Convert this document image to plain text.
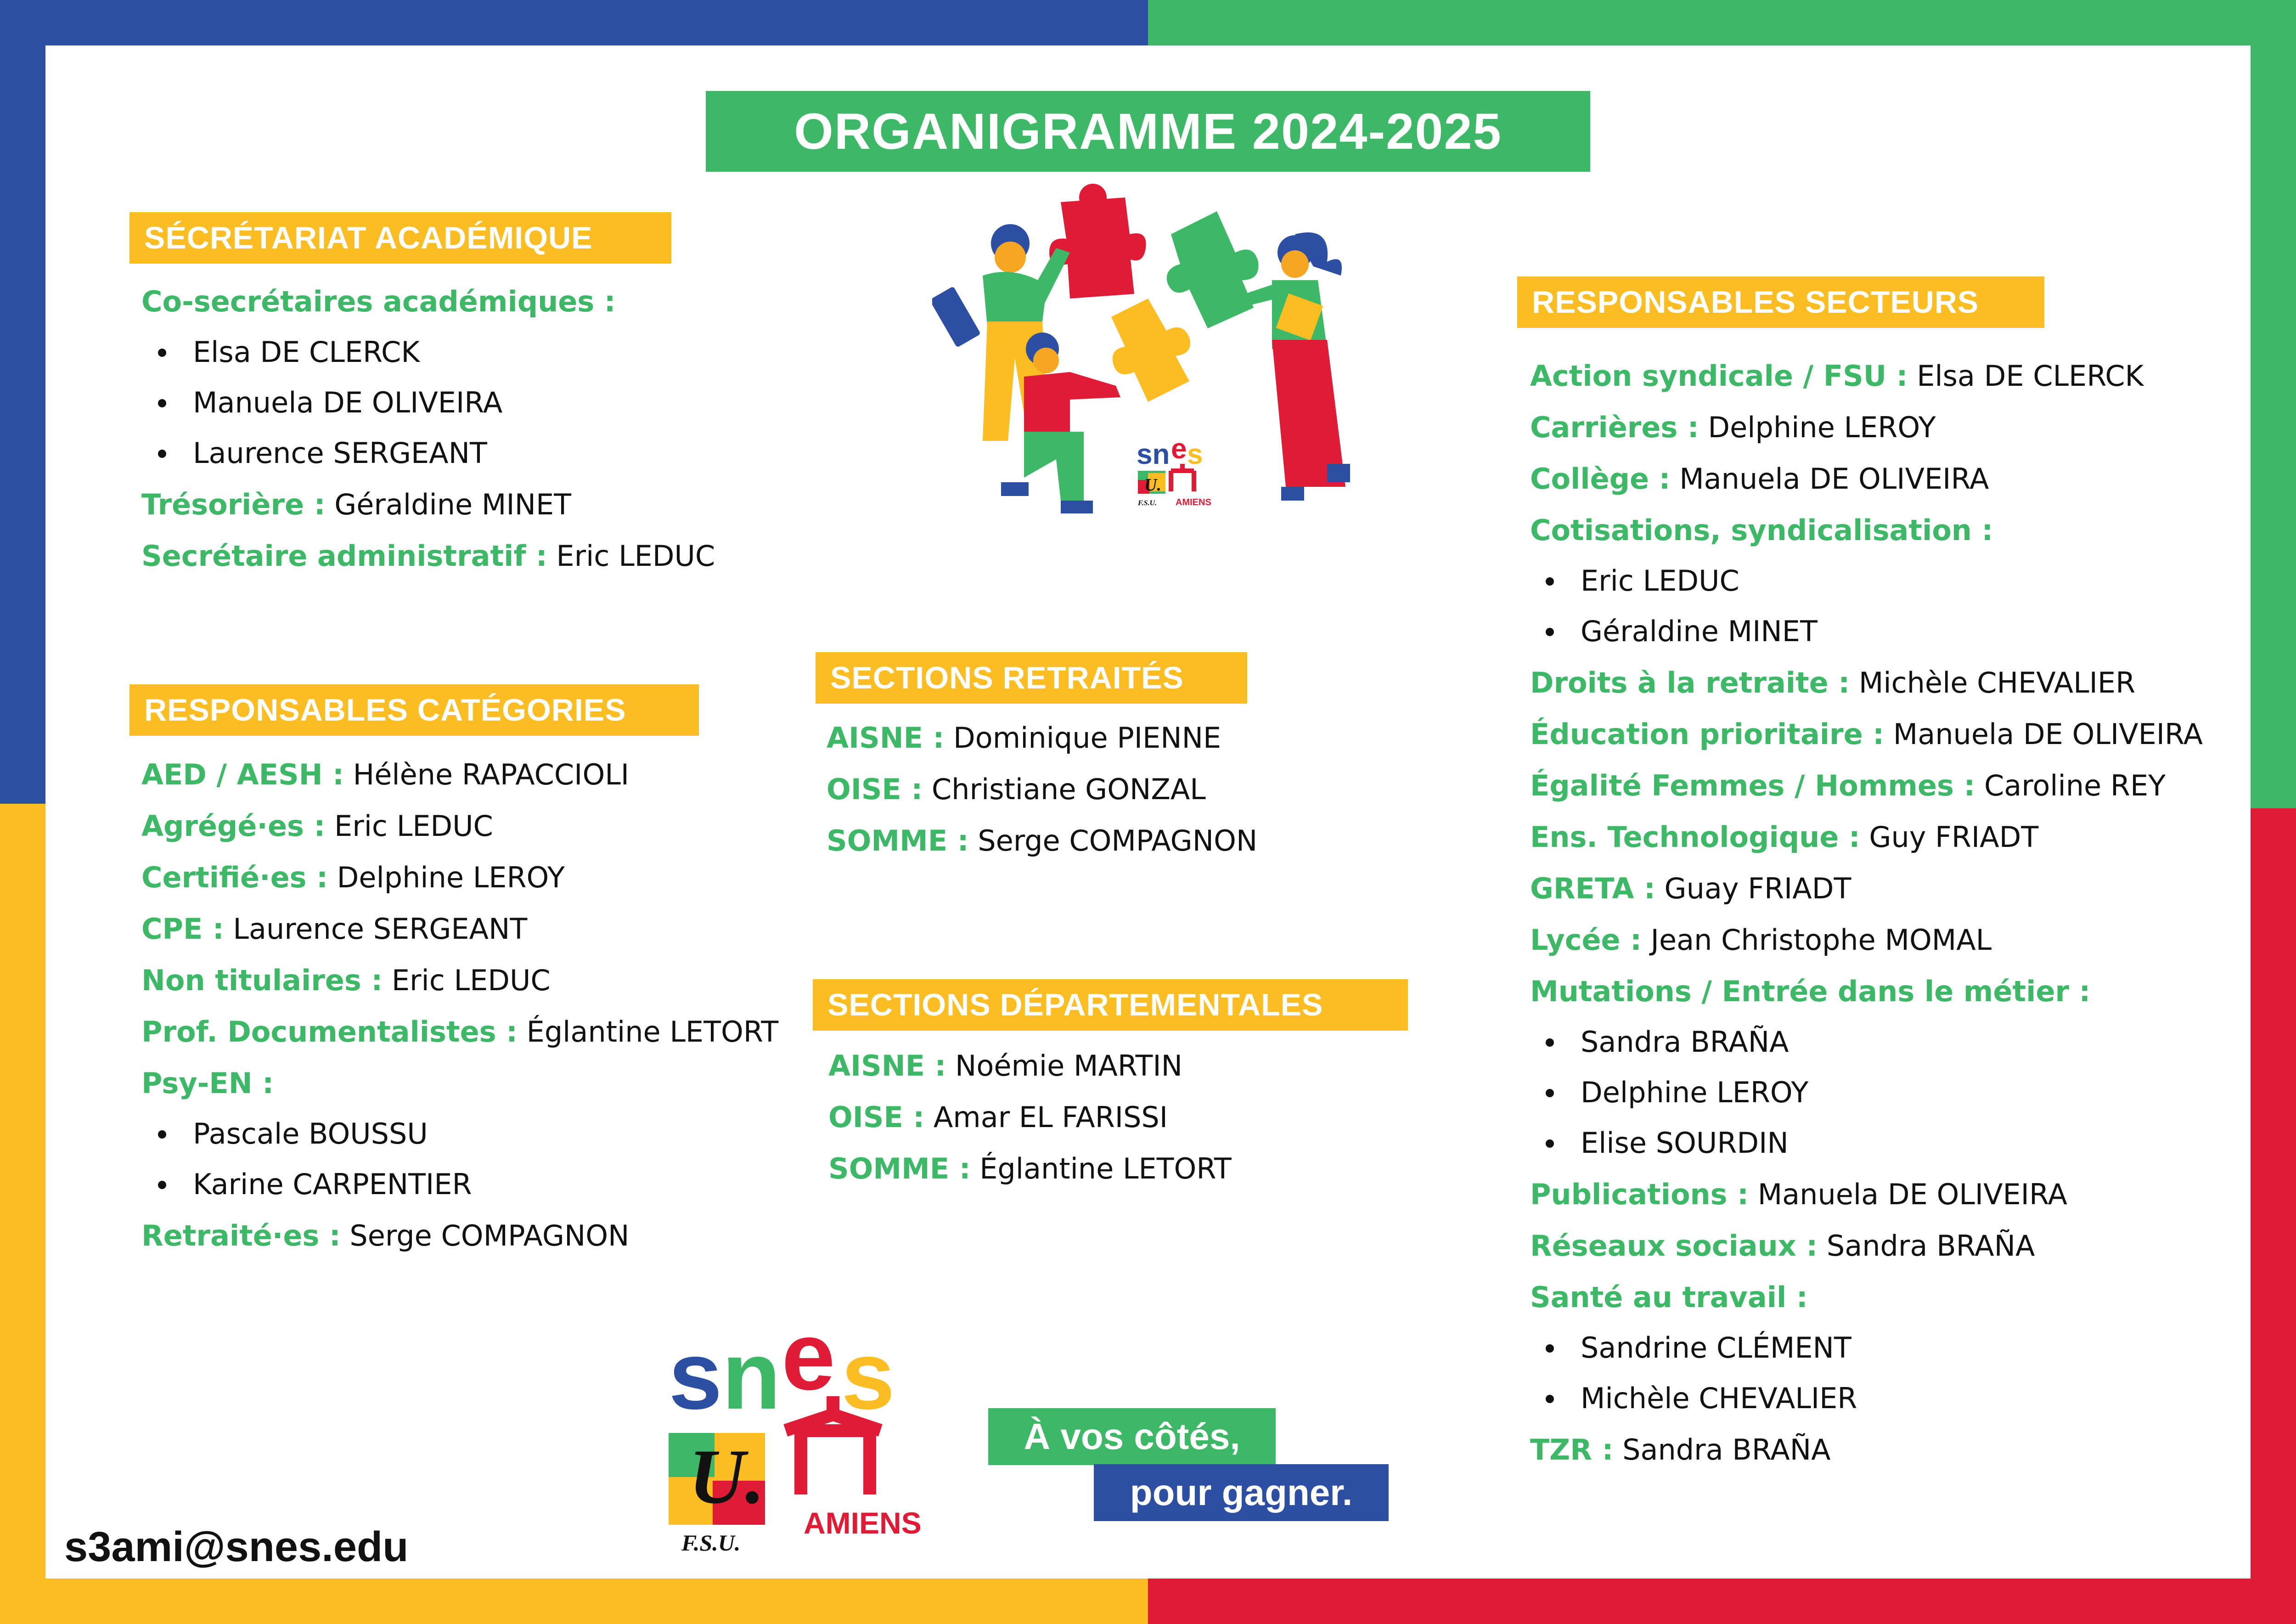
ORGANIGRAMME 2024-2025
SÉCRÉTARIAT ACADÉMIQUE
Co-secrétaires académiques :
Elsa DE CLERCK
Manuela DE OLIVEIRA
Laurence SERGEANT
Trésorière : Géraldine MINET
Secrétaire administratif : Eric LEDUC
RESPONSABLES CATÉGORIES
AED / AESH : Hélène RAPACCIOLI
Agrégé·es : Eric LEDUC
Certifié·es : Delphine LEROY
CPE : Laurence SERGEANT
Non titulaires : Eric LEDUC
Prof. Documentalistes : Églantine LETORT
Psy-EN :
Pascale BOUSSU
Karine CARPENTIER
Retraité·es : Serge COMPAGNON
SECTIONS RETRAITÉS
AISNE : Dominique PIENNE
OISE : Christiane GONZAL
SOMME : Serge COMPAGNON
SECTIONS DÉPARTEMENTALES
AISNE : Noémie MARTIN
OISE : Amar EL FARISSI
SOMME : Églantine LETORT
RESPONSABLES SECTEURS
Action syndicale / FSU : Elsa DE CLERCK
Carrières : Delphine LEROY
Collège : Manuela DE OLIVEIRA
Cotisations, syndicalisation :
Eric LEDUC
Géraldine MINET
Droits à la retraite : Michèle CHEVALIER
Éducation prioritaire : Manuela DE OLIVEIRA
Égalité Femmes / Hommes : Caroline REY
Ens. Technologique : Guy FRIADT
GRETA : Guay FRIADT
Lycée : Jean Christophe MOMAL
Mutations / Entrée dans le métier :
Sandra BRAÑA
Delphine LEROY
Elise SOURDIN
Publications : Manuela DE OLIVEIRA
Réseaux sociaux : Sandra BRAÑA
Santé au travail :
Sandrine CLÉMENT
Michèle CHEVALIER
TZR : Sandra BRAÑA
sn e s
U.
AMIENS
F.S.U.
s n e s
U.
F.S.U.
AMIENS
À vos côtés,
pour gagner.
s3ami@snes.edu
